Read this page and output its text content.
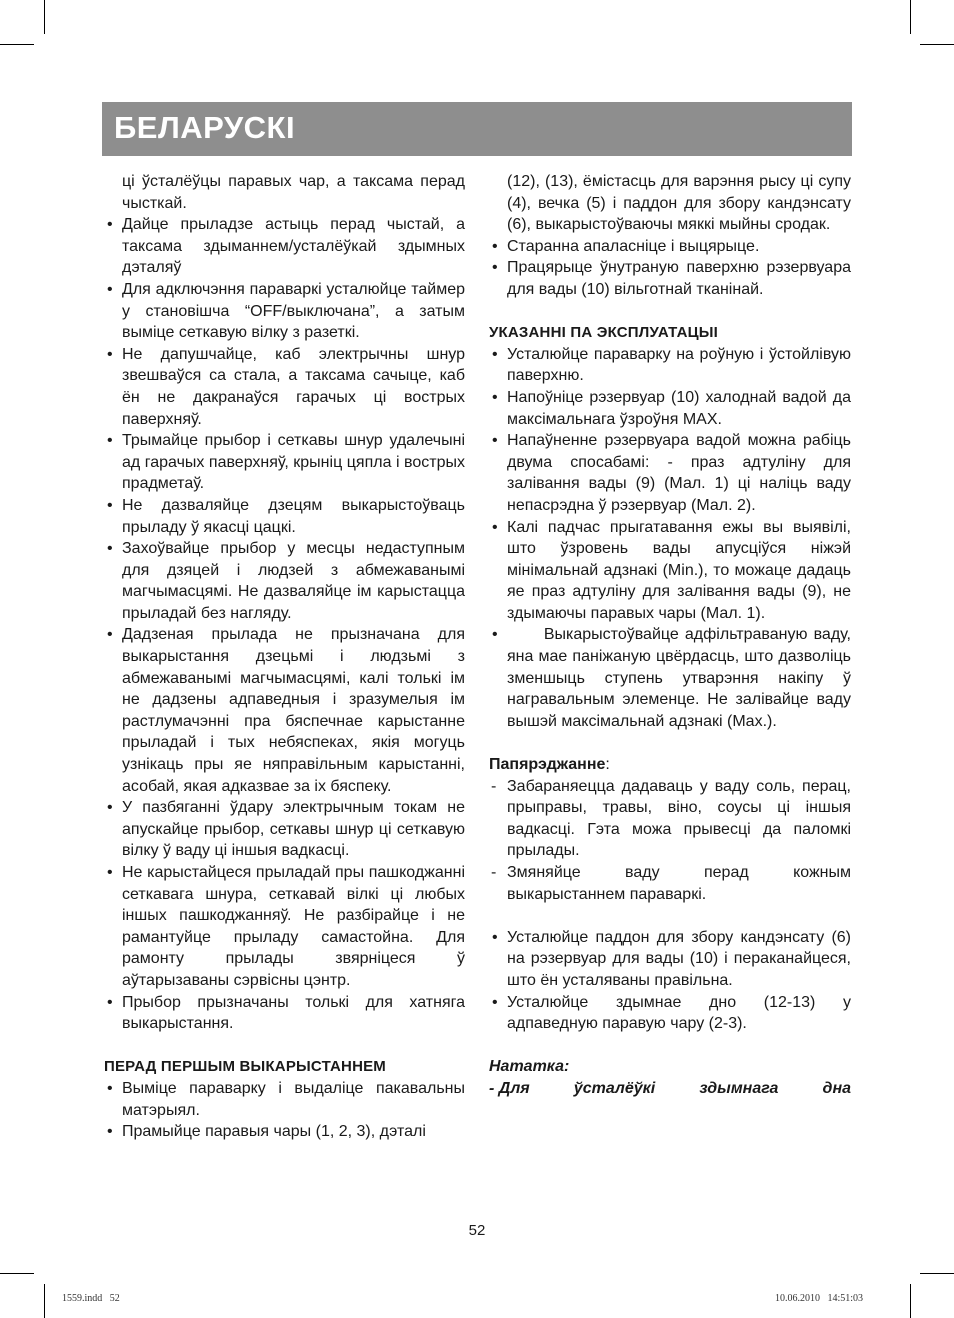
БЕЛАРУСКІ

ці ўсталёўцы паравых чар, а таксама перад чысткай.

• Дайце прыладзе астыць перад чыстай, а таксама здыманнем/усталёўкай здымных дэталяў

• Для адключэння параваркі усталюйце таймер у становішча “OFF/выключана”, а затым выміце сеткавую вілку з разеткі.

• Не дапушчайце, каб электрычны шнур звешваўся са стала, а таксама сачыце, каб ён не дакранаўся гарачых ці вострых паверхняў.

• Трымайце прыбор і сеткавы шнур удалечыні ад гарачых паверхняў, крыніц цяпла і вострых прадметаў.

• Не дазваляйце дзецям выкарыстоўваць прыладу ў якасці цацкі.

• Захоўвайце прыбор у месцы недаступным для дзяцей і людзей з абмежаванымі магчымасцямі. Не дазваляйце ім карыстацца прыладай без нагляду.

• Дадзеная прылада не прызначана для выкарыстання дзецьмі і людзьмі з абмежаванымі магчымасцямі, калі толькі ім не дадзены адпаведныя і зразумелыя ім растлумачэнні пра бяспечнае карыстанне прыладай і тых небяспеках, якія могуць узнікаць пры яе няправільным карыстанні, асобай, якая адказвае за іх бяспеку.

• У пазбяганні ўдару электрычным токам не апускайце прыбор, сеткавы шнур ці сеткавую вілку ў ваду ці іншыя вадкасці.

• Не карыстайцеся прыладай пры пашкоджанні сеткавага шнура, сеткавай вілкі ці любых іншых пашкоджанняў. Не разбірайце і не рамантуйце прыладу самастойна. Для рамонту прылады звярніцеся ў аўтарызаваны сэрвісны цэнтр.

• Прыбор прызначаны толькі для хатняга выкарыстання.

ПЕРАД ПЕРШЫМ ВЫКАРЫСТАННЕМ

• Выміце параварку і выдаліце пакавальны матэрыял.

• Прамыйце паравыя чары (1, 2, 3), дэталі

(12), (13), ёмістасць для варэння рысу ці супу (4), вечка (5) і паддон для збору кандэнсату (6), выкарыстоўваючы мяккі мыйны сродак.

• Старанна апаласніце і выцярыце.

• Працярыце ўнутраную паверхню рэзервуара для вады (10) вільготнай тканінай.

УКАЗАННІ ПА ЭКСПЛУАТАЦЫІ

• Усталюйце параварку на роўную і ўстойлівую паверхню.

• Напоўніце рэзервуар (10) халоднай вадой да максімальнага ўзроўня MAX.

• Напаўненне рэзервуара вадой можна рабіць двума спосабамі: - праз адтуліну для залівання вады (9) (Мал. 1) ці наліць ваду непасрэдна ў рэзервуар (Мал. 2).

• Калі падчас прыгатавання ежы вы выявілі, што ўзровень вады апусціўся ніжэй мінімальнай адзнакі (Min.), то можаце дадаць яе праз адтуліну для залівання вады (9), не здымаючы паравых чары (Мал. 1).

• Выкарыстоўвайце адфільтраваную ваду, яна мае паніжаную цвёрдасць, што дазволіць зменшыць ступень утварэння накіпу ў награвальным элеменце. Не залівайце ваду вышэй максімальнай адзнакі (Max.).

Папярэджанне:

- Забараняецца дадаваць у ваду соль, перац, прыправы, травы, віно, соусы ці іншыя вадкасці. Гэта можа прывесці да паломкі прылады.

- Змяняйце ваду перад кожным выкарыстаннем параваркі.

• Усталюйце паддон для збору кандэнсату (6) на рэзервуар для вады (10) і пераканайцеся, што ён усталяваны правільна.

• Усталюйце здымнае дно (12-13) у адпаведную паравую чару (2-3).

Нататка:

- Для	ўсталёўкі	здымнага	дна

52
1559.indd   52	10.06.2010   14:51:03
